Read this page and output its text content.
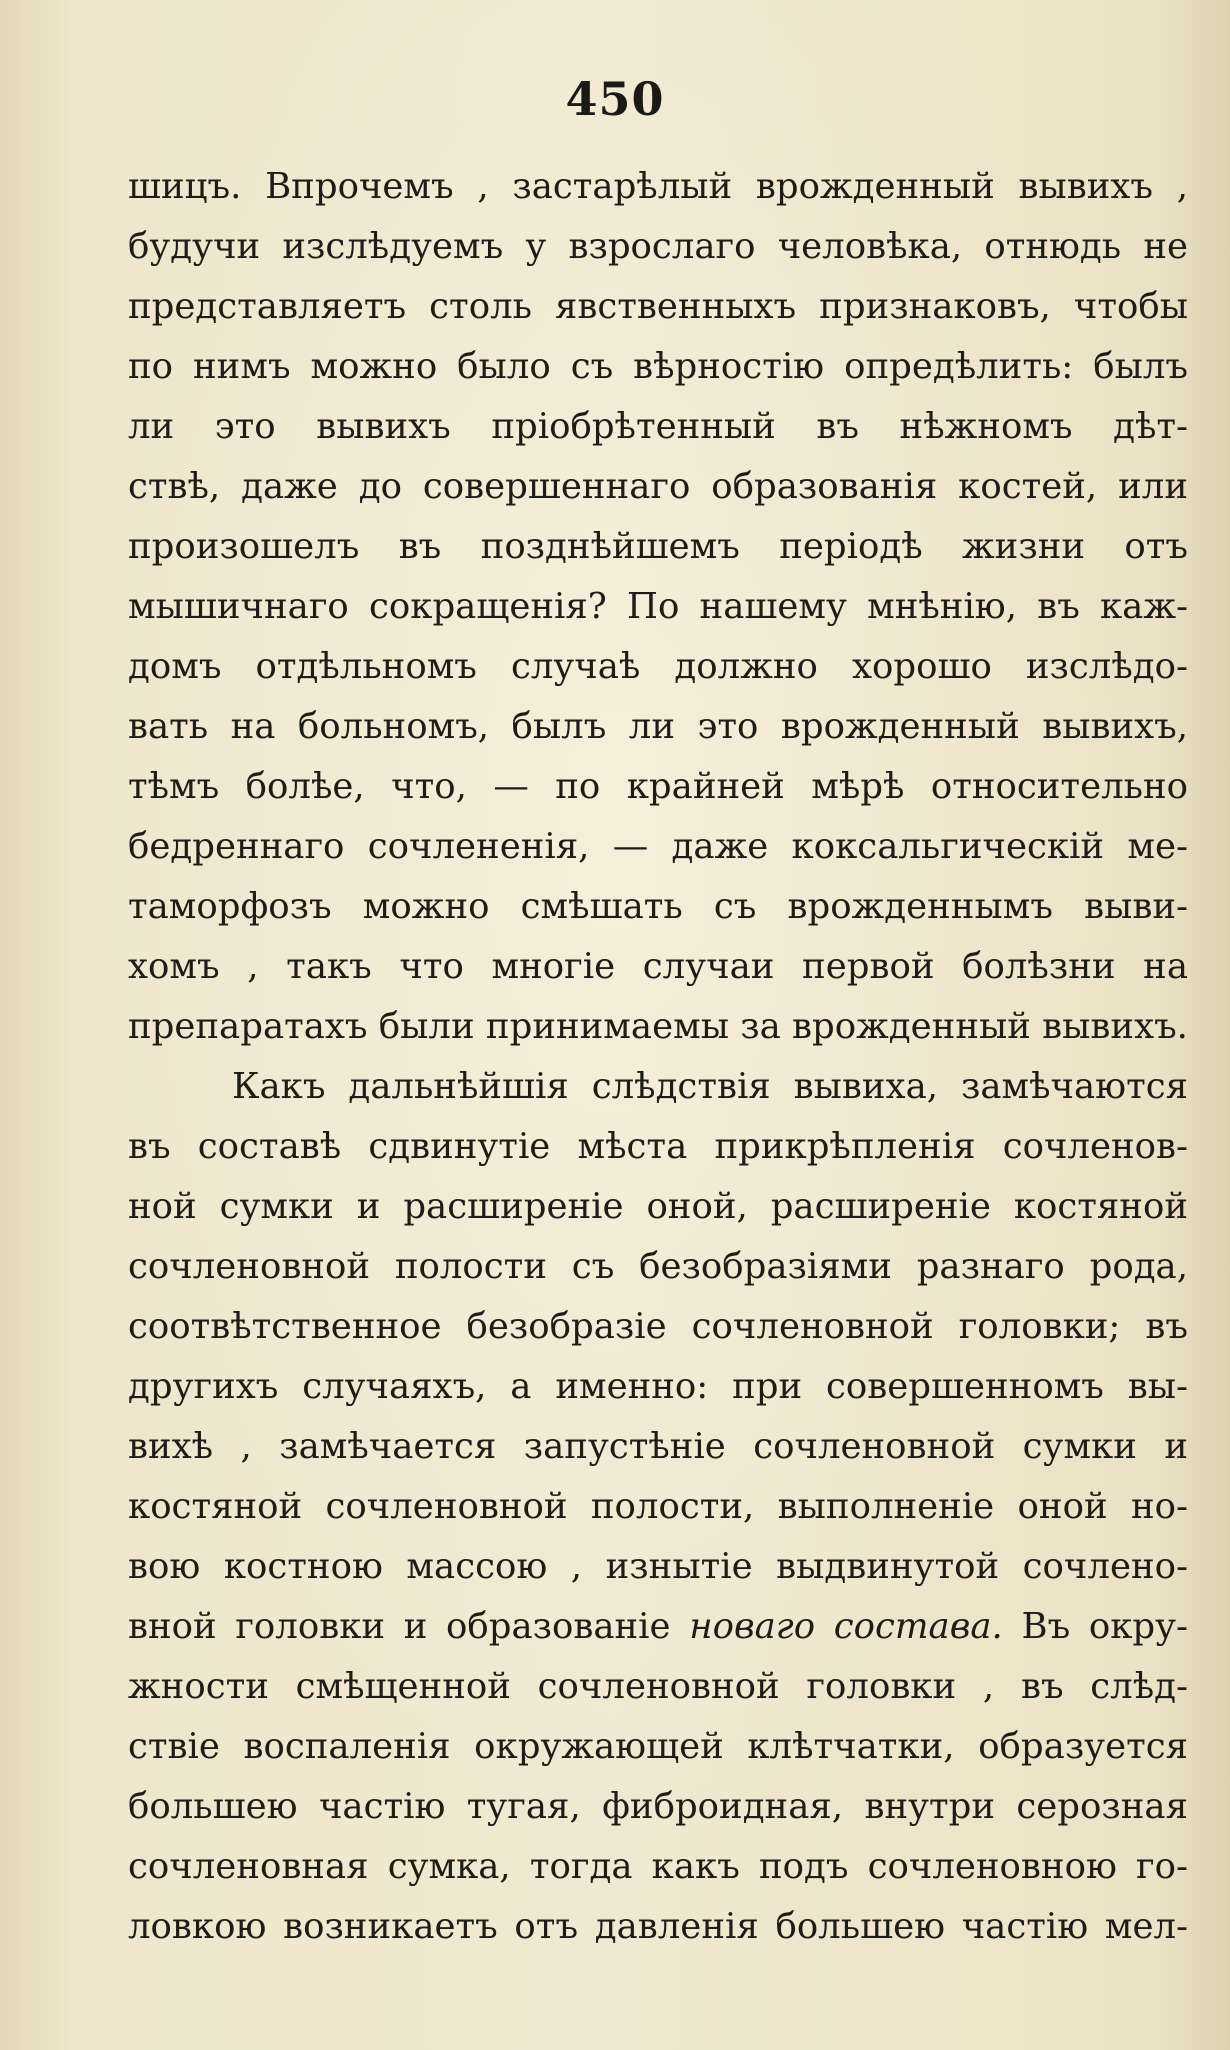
450
шицъ. Впрочемъ , застарѣлый врожденный вывихъ ,
будучи изслѣдуемъ у взрослаго человѣка, отнюдь не
представляетъ столь явственныхъ признаковъ, чтобы
по нимъ можно было съ вѣрностію опредѣлить: былъ
ли это вывихъ пріобрѣтенный въ нѣжномъ дѣт-
ствѣ, даже до совершеннаго образованія костей, или
произошелъ въ позднѣйшемъ періодѣ жизни отъ
мышичнаго сокращенія? По нашему мнѣнію, въ каж-
домъ отдѣльномъ случаѣ должно хорошо изслѣдо-
вать на больномъ, былъ ли это врожденный вывихъ,
тѣмъ болѣе, что, — по крайней мѣрѣ относительно
бедреннаго сочлененія, — даже коксальгическій ме-
таморфозъ можно смѣшать съ врожденнымъ выви-
хомъ , такъ что многіе случаи первой болѣзни на
препаратахъ были принимаемы за врожденный вывихъ.
Какъ дальнѣйшія слѣдствія вывиха, замѣчаются
въ составѣ сдвинутіе мѣста прикрѣпленія сочленов-
ной сумки и расширеніе оной, расширеніе костяной
сочленовной полости съ безобразіями разнаго рода,
соотвѣтственное безобразіе сочленовной головки; въ
другихъ случаяхъ, а именно: при совершенномъ вы-
вихѣ , замѣчается запустѣніе сочленовной сумки и
костяной сочленовной полости, выполненіе оной но-
вою костною массою , изнытіе выдвинутой сочлено-
вной головки и образованіе новаго состава. Въ окру-
жности смѣщенной сочленовной головки , въ слѣд-
ствіе воспаленія окружающей клѣтчатки, образуется
большею частію тугая, фиброидная, внутри серозная
сочленовная сумка, тогда какъ подъ сочленовною го-
ловкою возникаетъ отъ давленія большею частію мел-
